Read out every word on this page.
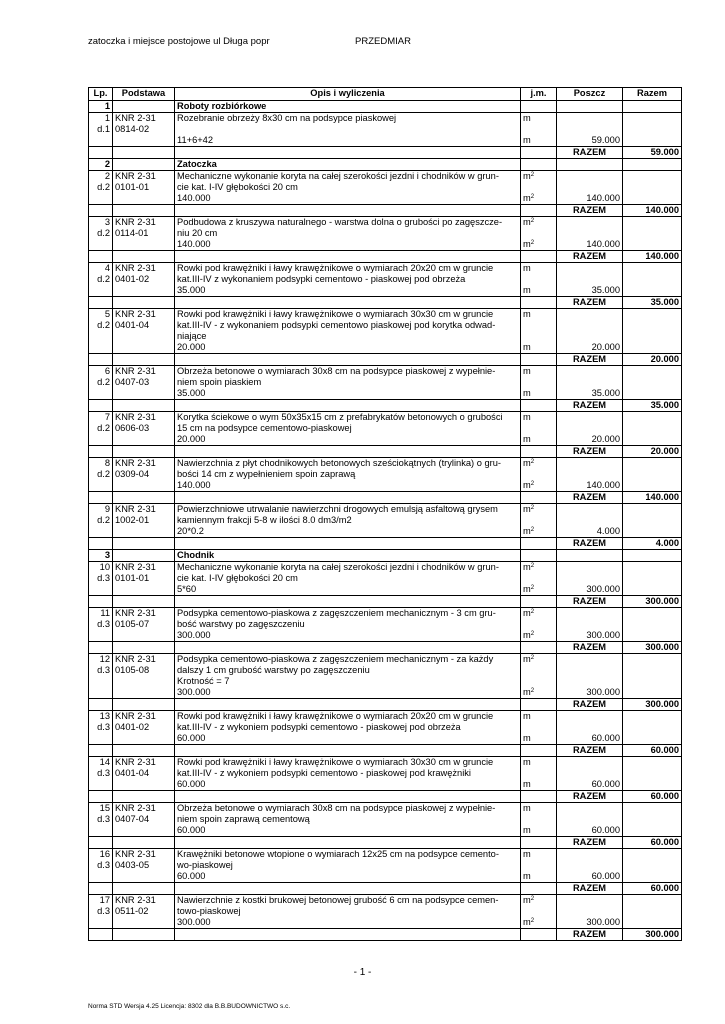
zatoczka i miejsce postojowe ul Długa popr	PRZEDMIAR
Lp.	Podstawa	Opis i wyliczenia	j.m.	Poszcz	Razem
1		Roboty rozbiórkowe			
1	KNR 2-31	Rozebranie obrzeży 8x30 cm na podsypce piaskowej	m		
d.1	0814-02				
		11+6+42	m	59.000	
				RAZEM	59.000
2		Zatoczka			
2	KNR 2-31	Mechaniczne wykonanie koryta na całej szerokości jezdni i chodników w grun-	$m^2$		
d.2	0101-01	cie kat. I-IV głębokości 20 cm			
		140.000	$m^2$	140.000	
				RAZEM	140.000
3	KNR 2-31	Podbudowa z kruszywa naturalnego - warstwa dolna o grubości po zagęszcze-	$m^2$		
d.2	0114-01	niu 20 cm			
		140.000	$m^2$	140.000	
				RAZEM	140.000
4	KNR 2-31	Rowki pod krawężniki i ławy krawężnikowe o wymiarach 20x20 cm w gruncie	m		
d.2	0401-02	kat.III-IV z wykonaniem podsypki cementowo - piaskowej pod obrzeża			
		35.000	m	35.000	
				RAZEM	35.000
5	KNR 2-31	Rowki pod krawężniki i ławy krawężnikowe o wymiarach 30x30 cm w gruncie	m		
d.2	0401-04	kat.III-IV - z wykonaniem podsypki cementowo piaskowej pod korytka odwad-			
		niające			
		20.000	m	20.000	
				RAZEM	20.000
6	KNR 2-31	Obrzeża betonowe o wymiarach 30x8 cm na podsypce piaskowej z wypełnie-	m		
d.2	0407-03	niem spoin piaskiem			
		35.000	m	35.000	
				RAZEM	35.000
7	KNR 2-31	Korytka ściekowe o wym 50x35x15 cm z prefabrykatów betonowych o grubości	m		
d.2	0606-03	15 cm na podsypce cementowo-piaskowej			
		20.000	m	20.000	
				RAZEM	20.000
8	KNR 2-31	Nawierzchnia z płyt chodnikowych betonowych sześciokątnych (trylinka) o gru-	$m^2$		
d.2	0309-04	bości 14 cm z wypełnieniem spoin zaprawą			
		140.000	$m^2$	140.000	
				RAZEM	140.000
9	KNR 2-31	Powierzchniowe utrwalanie nawierzchni drogowych emulsją asfaltową grysem	$m^2$		
d.2	1002-01	kamiennym frakcji 5-8 w ilości 8.0 dm3/m2			
		20*0.2	$m^2$	4.000	
				RAZEM	4.000
3		Chodnik			
10	KNR 2-31	Mechaniczne wykonanie koryta na całej szerokości jezdni i chodników w grun-	$m^2$		
d.3	0101-01	cie kat. I-IV głębokości 20 cm			
		5*60	$m^2$	300.000	
				RAZEM	300.000
11	KNR 2-31	Podsypka cementowo-piaskowa z zagęszczeniem mechanicznym - 3 cm gru-	$m^2$		
d.3	0105-07	bość warstwy po zagęszczeniu			
		300.000	$m^2$	300.000	
				RAZEM	300.000
12	KNR 2-31	Podsypka cementowo-piaskowa z zagęszczeniem mechanicznym - za każdy	$m^2$		
d.3	0105-08	dalszy 1 cm grubość warstwy po zagęszczeniu			
		Krotność = 7			
		300.000	$m^2$	300.000	
				RAZEM	300.000
13	KNR 2-31	Rowki pod krawężniki i ławy krawężnikowe o wymiarach 20x20 cm w gruncie	m		
d.3	0401-02	kat.III-IV - z wykoniem podsypki cementowo - piaskowej pod obrzeża			
		60.000	m	60.000	
				RAZEM	60.000
14	KNR 2-31	Rowki pod krawężniki i ławy krawężnikowe o wymiarach 30x30 cm w gruncie	m		
d.3	0401-04	kat.III-IV - z wykoniem podsypki cementowo - piaskowej pod krawężniki			
		60.000	m	60.000	
				RAZEM	60.000
15	KNR 2-31	Obrzeża betonowe o wymiarach 30x8 cm na podsypce piaskowej z wypełnie-	m		
d.3	0407-04	niem spoin zaprawą cementową			
		60.000	m	60.000	
				RAZEM	60.000
16	KNR 2-31	Krawężniki betonowe wtopione o wymiarach 12x25 cm na podsypce cemento-	m		
d.3	0403-05	wo-piaskowej			
		60.000	m	60.000	
				RAZEM	60.000
17	KNR 2-31	Nawierzchnie z kostki brukowej betonowej grubość 6 cm na podsypce cemen-	$m^2$		
d.3	0511-02	towo-piaskowej			
		300.000	$m^2$	300.000	
				RAZEM	300.000
- 1 -
Norma STD Wersja 4.25 Licencja: 8302 dla B.B.BUDOWNICTWO s.c.
